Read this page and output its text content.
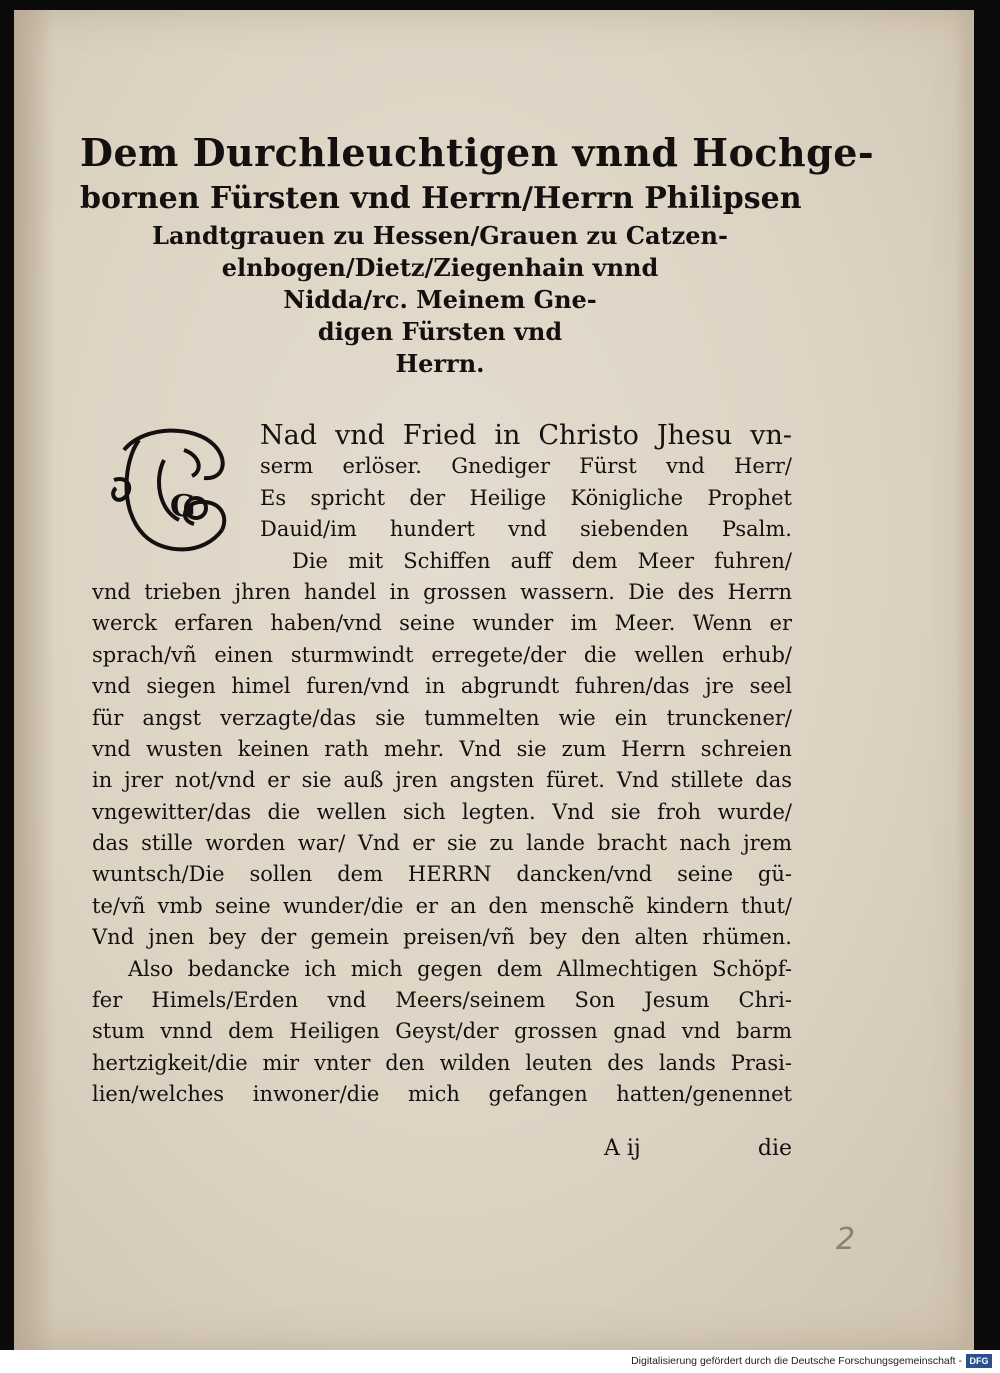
Dem Durchleuchtigen vnnd Hochge-
bornen Fürsten vnd Herrn/Herrn Philipsen
Landtgrauen zu Hessen/Grauen zu Catzen-
elnbogen/Dietz/Ziegenhain vnnd
Nidda/rc. Meinem Gne-
digen Fürsten vnd
Herrn.
G
Nad vnd Fried in Christo Jhesu vn-
serm erlöser. Gnediger Fürst vnd Herr/
Es spricht der Heilige Königliche Prophet
Dauid/im hundert vnd siebenden Psalm.
Die mit Schiffen auff dem Meer fuhren/
vnd trieben jhren handel in grossen wassern. Die des Herrn
werck erfaren haben/vnd seine wunder im Meer. Wenn er
sprach/vñ einen sturmwindt erregete/der die wellen erhub/
vnd siegen himel furen/vnd in abgrundt fuhren/das jre seel
für angst verzagte/das sie tummelten wie ein trunckener/
vnd wusten keinen rath mehr. Vnd sie zum Herrn schreien
in jrer not/vnd er sie auß jren angsten füret. Vnd stillete das
vngewitter/das die wellen sich legten. Vnd sie froh wurde/
das stille worden war/ Vnd er sie zu lande bracht nach jrem
wuntsch/Die sollen dem HERRN dancken/vnd seine gü-
te/vñ vmb seine wunder/die er an den menschẽ kindern thut/
Vnd jnen bey der gemein preisen/vñ bey den alten rhümen.
Also bedancke ich mich gegen dem Allmechtigen Schöpf-
fer Himels/Erden vnd Meers/seinem Son Jesum Chri-
stum vnnd dem Heiligen Geyst/der grossen gnad vnd barm
hertzigkeit/die mir vnter den wilden leuten des lands Prasi-
lien/welches inwoner/die mich gefangen hatten/genennet
A ij	die
2
Digitalisierung gefördert durch die Deutsche Forschungsgemeinschaft - DFG
